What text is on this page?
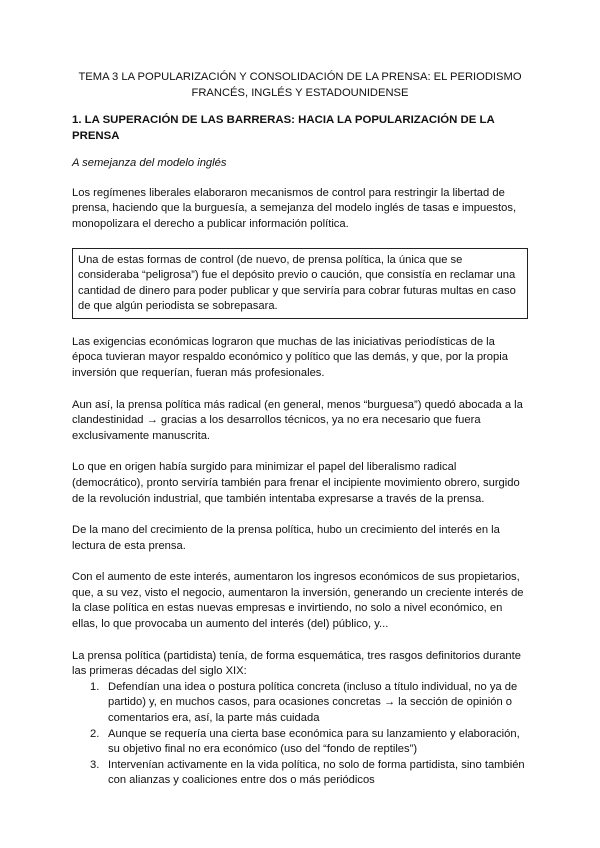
TEMA 3 LA POPULARIZACIÓN Y CONSOLIDACIÓN DE LA PRENSA: EL PERIODISMO FRANCÉS, INGLÉS Y ESTADOUNIDENSE
1. LA SUPERACIÓN DE LAS BARRERAS: HACIA LA POPULARIZACIÓN DE LA PRENSA
A semejanza del modelo inglés

Los regímenes liberales elaboraron mecanismos de control para restringir la libertad de prensa, haciendo que la burguesía, a semejanza del modelo inglés de tasas e impuestos, monopolizara el derecho a publicar información política.

Una de estas formas de control (de nuevo, de prensa política, la única que se consideraba “peligrosa”) fue el depósito previo o caución, que consistía en reclamar una cantidad de dinero para poder publicar y que serviría para cobrar futuras multas en caso de que algún periodista se sobrepasara.

Las exigencias económicas lograron que muchas de las iniciativas periodísticas de la época tuvieran mayor respaldo económico y político que las demás, y que, por la propia inversión que requerían, fueran más profesionales.

Aun así, la prensa política más radical (en general, menos “burguesa”) quedó abocada a la clandestinidad → gracias a los desarrollos técnicos, ya no era necesario que fuera exclusivamente manuscrita.

Lo que en origen había surgido para minimizar el papel del liberalismo radical (democrático), pronto serviría también para frenar el incipiente movimiento obrero, surgido de la revolución industrial, que también intentaba expresarse a través de la prensa.

De la mano del crecimiento de la prensa política, hubo un crecimiento del interés en la lectura de esta prensa.

Con el aumento de este interés, aumentaron los ingresos económicos de sus propietarios, que, a su vez, visto el negocio, aumentaron la inversión, generando un creciente interés de la clase política en estas nuevas empresas e invirtiendo, no solo a nivel económico, en ellas, lo que provocaba un aumento del interés (del) público, y...

La prensa política (partidista) tenía, de forma esquemática, tres rasgos definitorios durante las primeras décadas del siglo XIX:
1. Defendían una idea o postura política concreta (incluso a título individual, no ya de partido) y, en muchos casos, para ocasiones concretas → la sección de opinión o comentarios era, así, la parte más cuidada
2. Aunque se requería una cierta base económica para su lanzamiento y elaboración, su objetivo final no era económico (uso del “fondo de reptiles”)
3. Intervenían activamente en la vida política, no solo de forma partidista, sino también con alianzas y coaliciones entre dos o más periódicos
